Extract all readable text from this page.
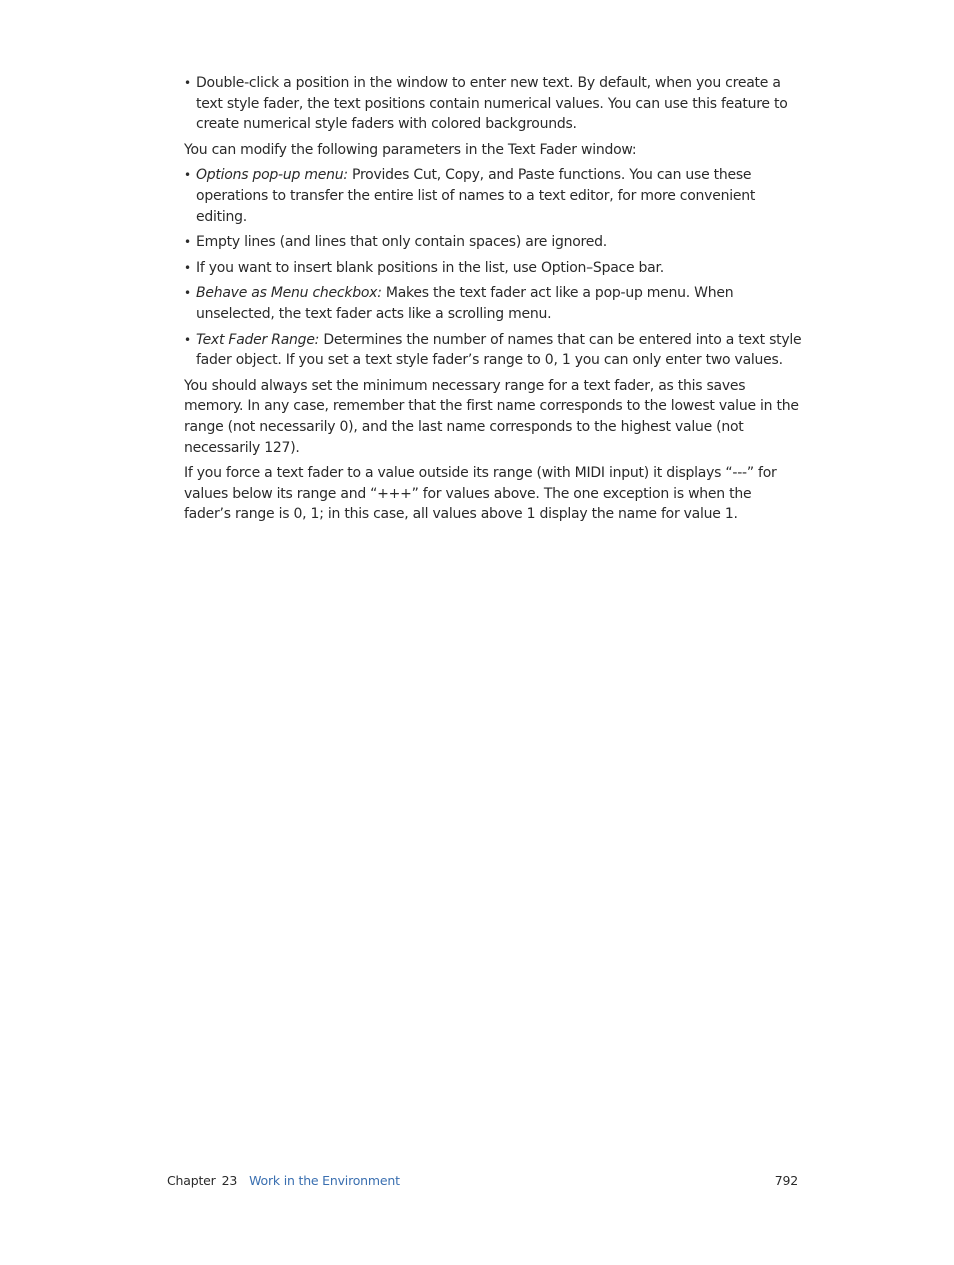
• Double-click a position in the window to enter new text. By default, when you create a text style fader, the text positions contain numerical values. You can use this feature to create numerical style faders with colored backgrounds.

You can modify the following parameters in the Text Fader window:

• Options pop-up menu: Provides Cut, Copy, and Paste functions. You can use these operations to transfer the entire list of names to a text editor, for more convenient editing.

• Empty lines (and lines that only contain spaces) are ignored.

• If you want to insert blank positions in the list, use Option–Space bar.

• Behave as Menu checkbox: Makes the text fader act like a pop-up menu. When unselected, the text fader acts like a scrolling menu.

• Text Fader Range: Determines the number of names that can be entered into a text style fader object. If you set a text style fader’s range to 0, 1 you can only enter two values.

You should always set the minimum necessary range for a text fader, as this saves memory. In any case, remember that the first name corresponds to the lowest value in the range (not necessarily 0), and the last name corresponds to the highest value (not necessarily 127).

If you force a text fader to a value outside its range (with MIDI input) it displays “---” for values below its range and “+++” for values above. The one exception is when the fader’s range is 0, 1; in this case, all values above 1 display the name for value 1.

Chapter 23 Work in the Environment	792
